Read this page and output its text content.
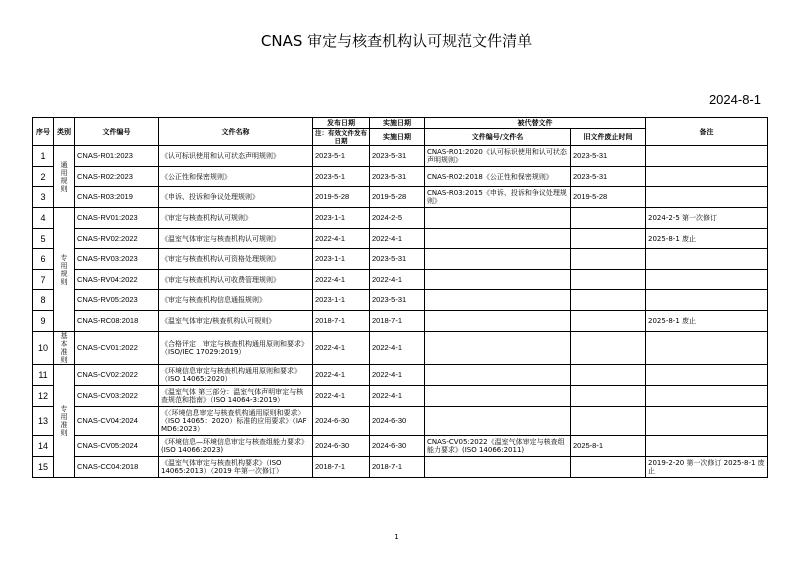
CNAS 审定与核查机构认可规范文件清单
2024-8-1
序号	类别	文件编号	文件名称	发布日期	实施日期	被代替文件		备注
				注：有效文件发布日期	实施日期	文件编号/文件名	旧文件废止时间	
1	通用规则	CNAS-R01:2023	《认可标识使用和认可状态声明规则》	2023-5-1	2023-5-31	CNAS-R01:2020《认可标识使用和认可状态声明规则》	2023-5-31	
2		CNAS-R02:2023	《公正性和保密规则》	2023-5-1	2023-5-31	CNAS-R02:2018《公正性和保密规则》	2023-5-31	
3		CNAS-R03:2019	《申诉、投诉和争议处理规则》	2019-5-28	2019-5-28	CNAS-R03:2015《申诉、投诉和争议处理规则》	2019-5-28	
4	专用规则	CNAS-RV01:2023	《审定与核查机构认可规则》	2023-1-1	2024-2-5			2024-2-5 第一次修订
5		CNAS-RV02:2022	《温室气体审定与核查机构认可规则》	2022-4-1	2022-4-1			2025-8-1 废止
6		CNAS-RV03:2023	《审定与核查机构认可资格处理规则》	2023-1-1	2023-5-31			
7		CNAS-RV04:2022	《审定与核查机构认可收费管理规则》	2022-4-1	2022-4-1			
8		CNAS-RV05:2023	《审定与核查机构信息通报规则》	2023-1-1	2023-5-31			
9		CNAS-RC08:2018	《温室气体审定/核查机构认可规则》	2018-7-1	2018-7-1			2025-8-1 废止
10	基本准则	CNAS-CV01:2022	《合格评定　审定与核查机构通用原则和要求》（ISO/IEC 17029:2019）	2022-4-1	2022-4-1			
11	专用准则	CNAS-CV02:2022	《环境信息审定与核查机构通用原则和要求》（ISO 14065:2020）	2022-4-1	2022-4-1			
12		CNAS-CV03:2022	《温室气体 第三部分：温室气体声明审定与核查规范和指南》（ISO 14064-3:2019）	2022-4-1	2022-4-1			
13		CNAS-CV04:2024	《〈环境信息审定与核查机构通用原则和要求〉（ISO 14065：2020）标准的应用要求》（IAF MD6:2023）	2024-6-30	2024-6-30			
14		CNAS-CV05:2024	《环境信息—环境信息审定与核查组能力要求》(ISO 14066:2023)	2024-6-30	2024-6-30	CNAS-CV05:2022《温室气体审定与核查组能力要求》(ISO 14066:2011)	2025-8-1	
15		CNAS-CC04:2018	《温室气体审定与核查机构要求》（ISO 14065:2013）（2019 年第一次修订）	2018-7-1	2018-7-1			2019-2-20 第一次修订 2025-8-1 废止
1
